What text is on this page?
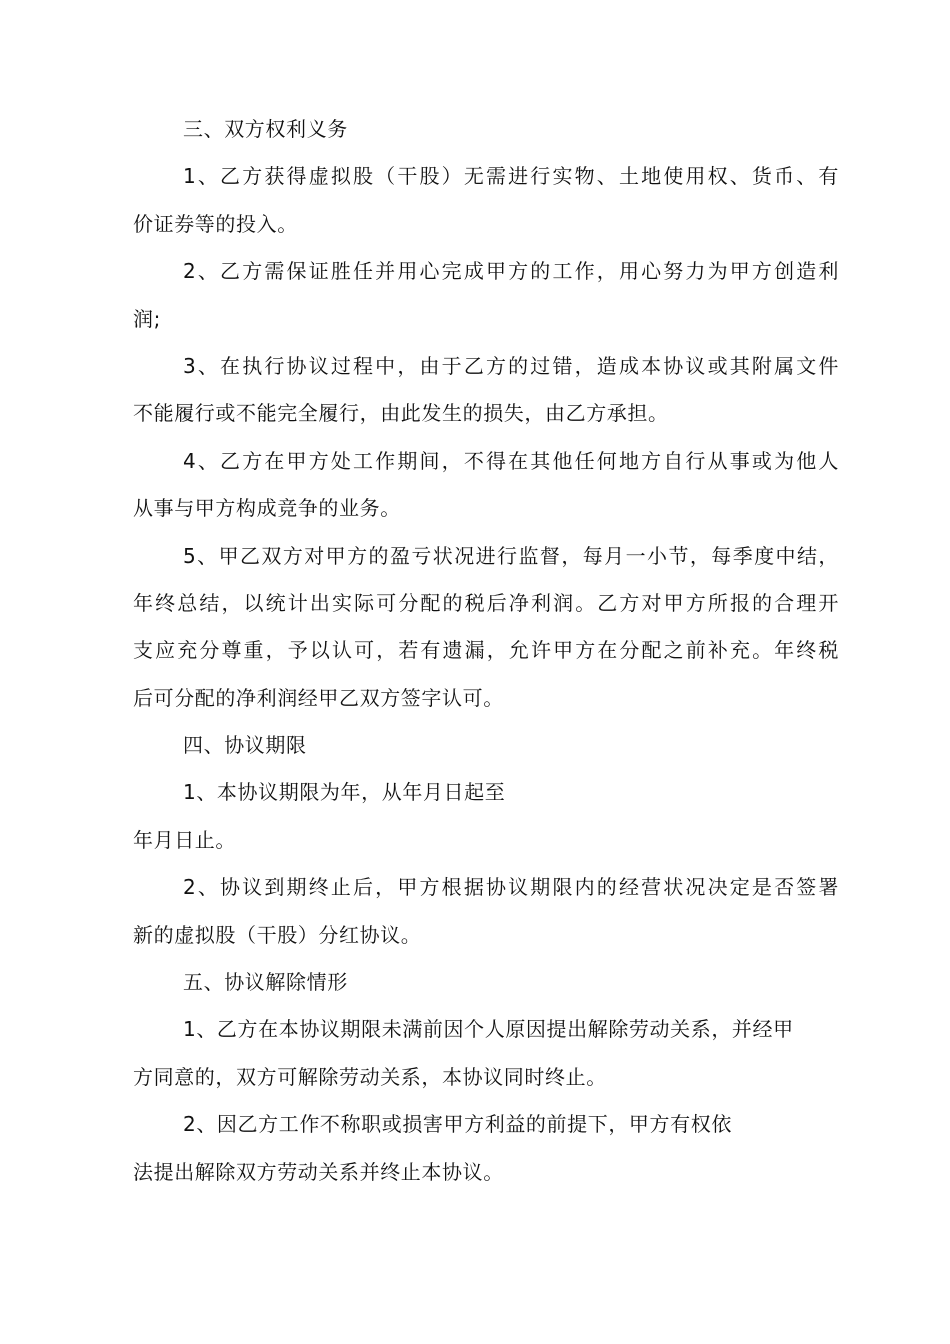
三、双方权利义务
1、乙方获得虚拟股（干股）无需进行实物、土地使用权、货币、有
价证券等的投入。
2、乙方需保证胜任并用心完成甲方的工作，用心努力为甲方创造利
润;
3、在执行协议过程中，由于乙方的过错，造成本协议或其附属文件
不能履行或不能完全履行，由此发生的损失，由乙方承担。
4、乙方在甲方处工作期间，不得在其他任何地方自行从事或为他人
从事与甲方构成竞争的业务。
5、甲乙双方对甲方的盈亏状况进行监督，每月一小节，每季度中结，
年终总结，以统计出实际可分配的税后净利润。乙方对甲方所报的合理开
支应充分尊重，予以认可，若有遗漏，允许甲方在分配之前补充。年终税
后可分配的净利润经甲乙双方签字认可。
四、协议期限
1、本协议期限为年，从年月日起至
年月日止。
2、协议到期终止后，甲方根据协议期限内的经营状况决定是否签署
新的虚拟股（干股）分红协议。
五、协议解除情形
1、乙方在本协议期限未满前因个人原因提出解除劳动关系，并经甲
方同意的，双方可解除劳动关系，本协议同时终止。
2、因乙方工作不称职或损害甲方利益的前提下，甲方有权依
法提出解除双方劳动关系并终止本协议。
